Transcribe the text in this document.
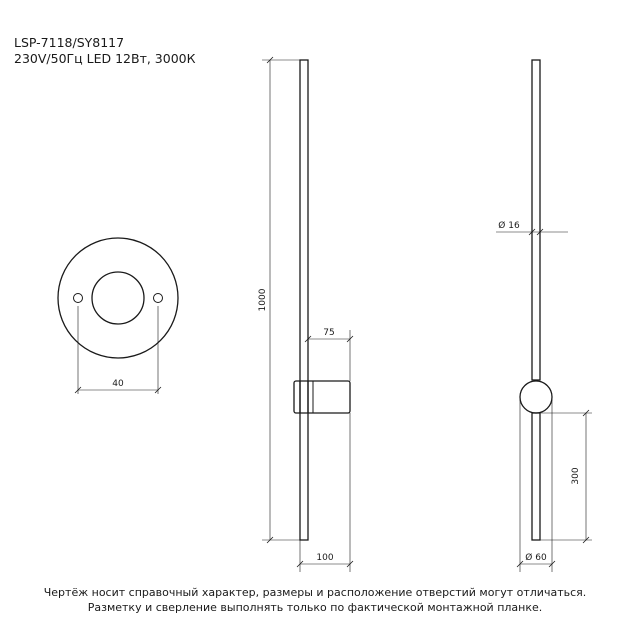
LSP-7118/SY8117

230V/50Гц LED 12Вт, 3000К

40
1000
75
100
Ø 16
300
Ø 60

Чертёж носит справочный характер, размеры и расположение отверстий могут отличаться.
Разметку и сверление выполнять только по фактической монтажной планке.
